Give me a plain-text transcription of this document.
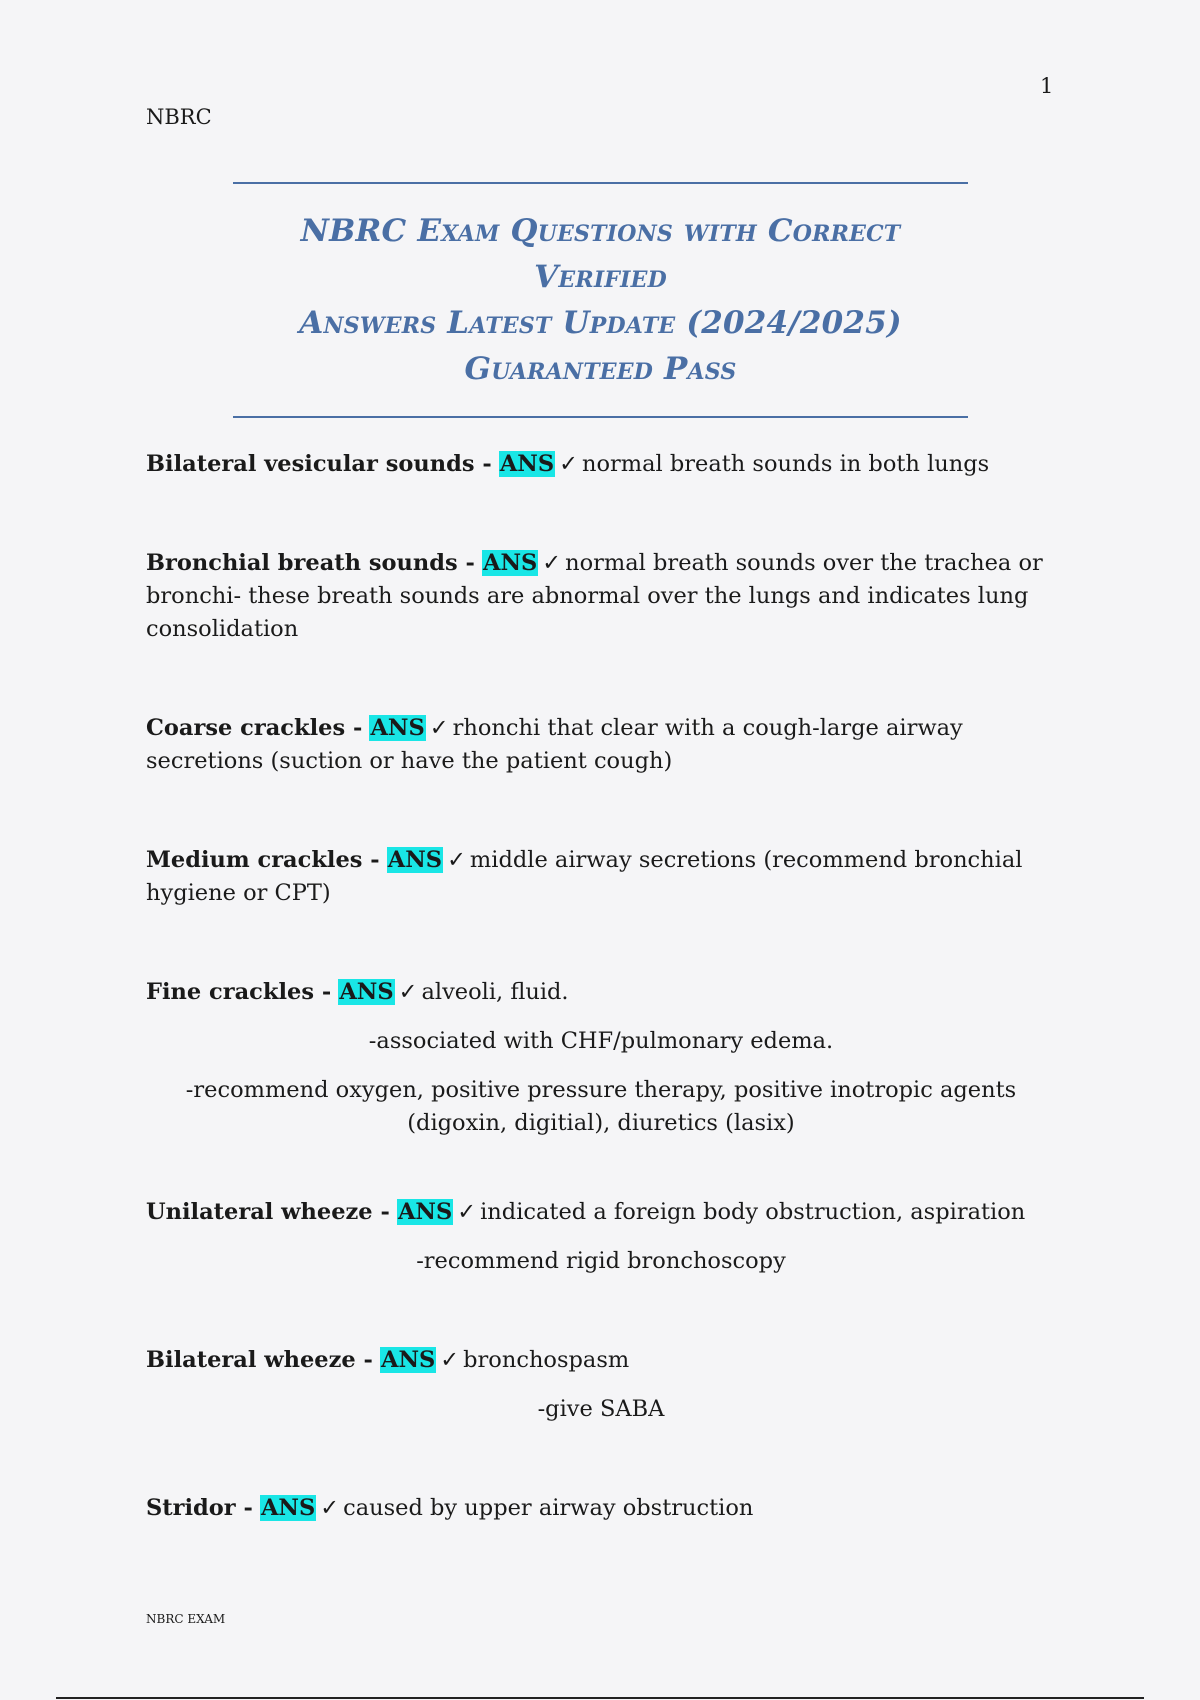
1
NBRC
NBRC Exam Questions with Correct Verified
Answers Latest Update (2024/2025)
Guaranteed Pass
Bilateral vesicular sounds - ANS ✓ normal breath sounds in both lungs
Bronchial breath sounds - ANS ✓ normal breath sounds over the trachea or bronchi- these breath sounds are abnormal over the lungs and indicates lung consolidation
Coarse crackles - ANS ✓ rhonchi that clear with a cough-large airway secretions (suction or have the patient cough)
Medium crackles - ANS ✓ middle airway secretions (recommend bronchial hygiene or CPT)
Fine crackles - ANS ✓ alveoli, fluid.
-associated with CHF/pulmonary edema.
-recommend oxygen, positive pressure therapy, positive inotropic agents (digoxin, digitial), diuretics (lasix)
Unilateral wheeze - ANS ✓ indicated a foreign body obstruction, aspiration
-recommend rigid bronchoscopy
Bilateral wheeze - ANS ✓ bronchospasm
-give SABA
Stridor - ANS ✓ caused by upper airway obstruction
NBRC EXAM
